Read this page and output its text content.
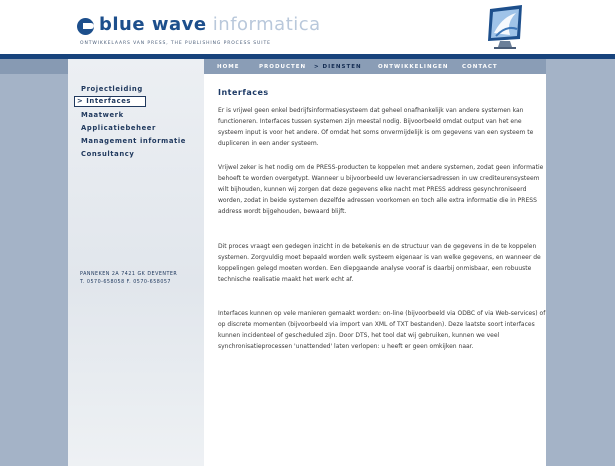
blue wave informatica
ONTWIKKELAARS VAN PRESS, THE PUBLISHING PROCESS SUITE
HOME	PRODUCTEN > DIENSTEN	ONTWIKKELINGEN CONTACT
Projectleiding
> Interfaces
Maatwerk
Applicatiebeheer
Management informatie
Consultancy
PANNEKEN 2A 7421 GK DEVENTER
T. 0570-658058 F. 0570-658057
Interfaces

Er is vrijwel geen enkel bedrijfsinformatiesysteem dat geheel onafhankelijk van andere systemen kan functioneren. Interfaces tussen systemen zijn meestal nodig. Bijvoorbeeld omdat output van het ene systeem input is voor het andere. Of omdat het soms onvermijdelijk is om gegevens van een systeem te dupliceren in een ander systeem.

Vrijwel zeker is het nodig om de PRESS-producten te koppelen met andere systemen, zodat geen informatie behoeft te worden overgetypt. Wanneer u bijvoorbeeld uw leveranciersadressen in uw crediteurensysteem wilt bijhouden, kunnen wij zorgen dat deze gegevens elke nacht met PRESS address gesynchroniseerd worden, zodat in beide systemen dezelfde adressen voorkomen en toch alle extra informatie die in PRESS address wordt bijgehouden, bewaard blijft.

Dit proces vraagt een gedegen inzicht in de betekenis en de structuur van de gegevens in de te koppelen systemen. Zorgvuldig moet bepaald worden welk systeem eigenaar is van welke gegevens, en wanneer de koppelingen gelegd moeten worden. Een diepgaande analyse vooraf is daarbij onmisbaar, een robuuste technische realisatie maakt het werk echt af.

Interfaces kunnen op vele manieren gemaakt worden: on-line (bijvoorbeeld via ODBC of via Web-services) of op discrete momenten (bijvoorbeeld via import van XML of TXT bestanden). Deze laatste soort interfaces kunnen incidenteel of gescheduled zijn. Door DTS, het tool dat wij gebruiken, kunnen we veel synchronisatieprocessen 'unattended' laten verlopen: u heeft er geen omkijken naar.
